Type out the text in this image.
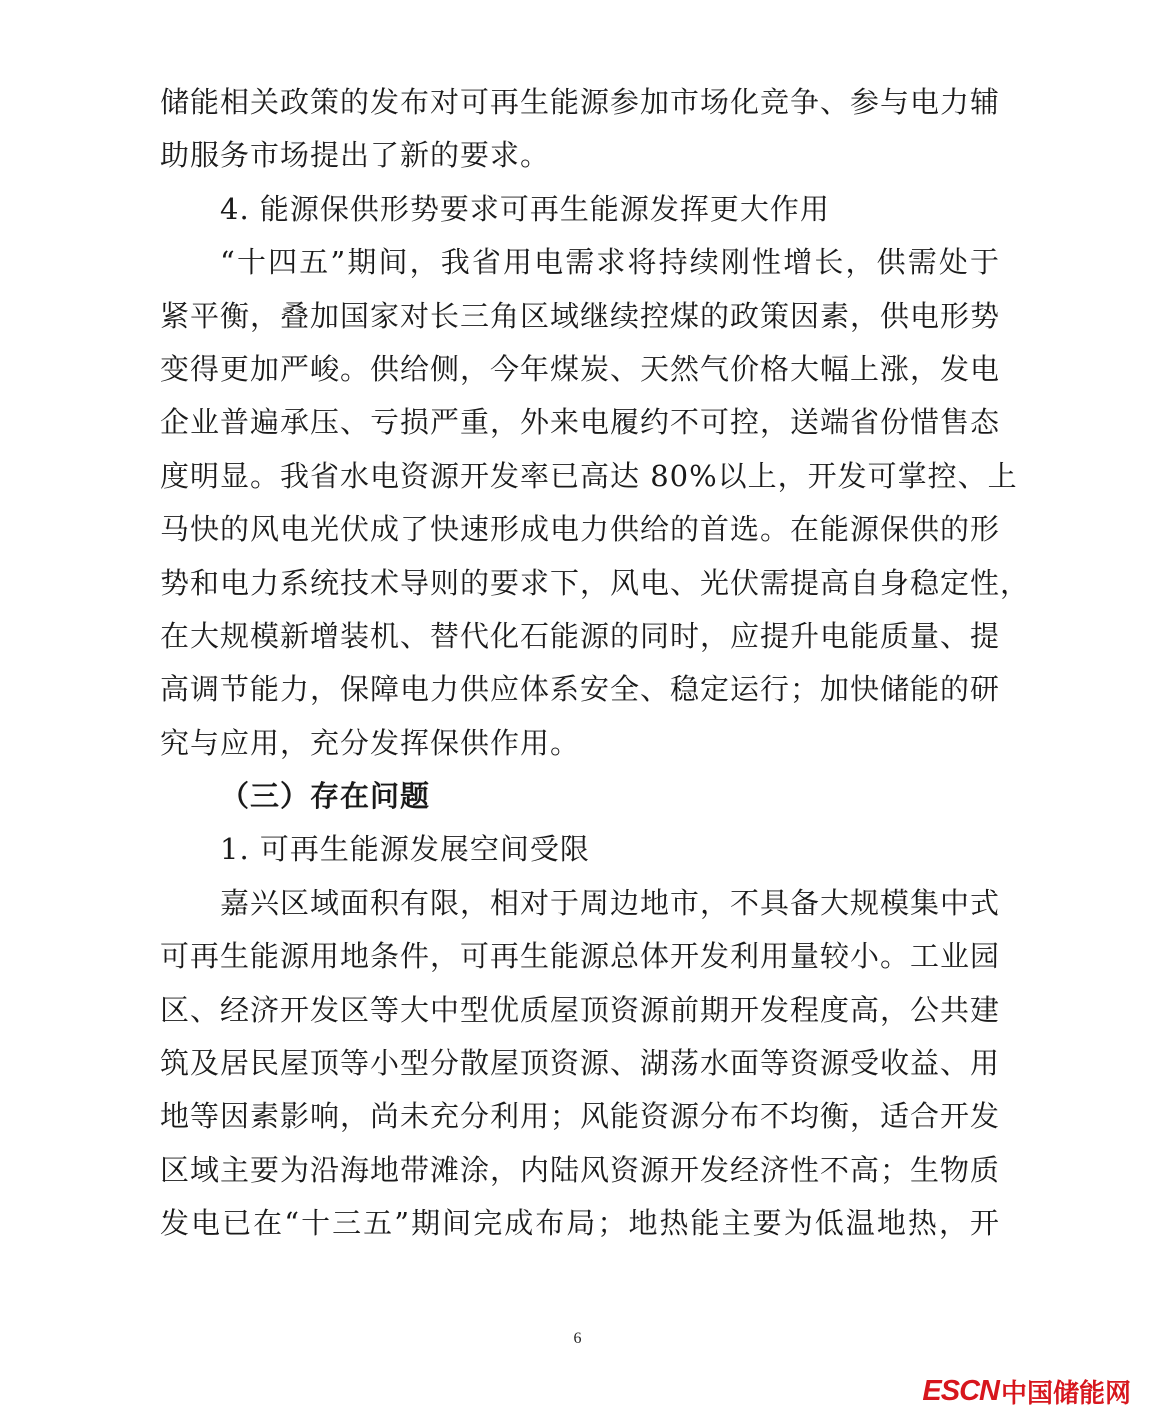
储能相关政策的发布对可再生能源参加市场化竞争、参与电力辅
助服务市场提出了新的要求。
4. 能源保供形势要求可再生能源发挥更大作用
“十四五”期间，我省用电需求将持续刚性增长，供需处于
紧平衡，叠加国家对长三角区域继续控煤的政策因素，供电形势
变得更加严峻。供给侧，今年煤炭、天然气价格大幅上涨，发电
企业普遍承压、亏损严重，外来电履约不可控，送端省份惜售态
度明显。我省水电资源开发率已高达 80%以上，开发可掌控、上
马快的风电光伏成了快速形成电力供给的首选。在能源保供的形
势和电力系统技术导则的要求下，风电、光伏需提高自身稳定性，
在大规模新增装机、替代化石能源的同时，应提升电能质量、提
高调节能力，保障电力供应体系安全、稳定运行；加快储能的研
究与应用，充分发挥保供作用。
（三）存在问题
1. 可再生能源发展空间受限
嘉兴区域面积有限，相对于周边地市，不具备大规模集中式
可再生能源用地条件，可再生能源总体开发利用量较小。工业园
区、经济开发区等大中型优质屋顶资源前期开发程度高，公共建
筑及居民屋顶等小型分散屋顶资源、湖荡水面等资源受收益、用
地等因素影响，尚未充分利用；风能资源分布不均衡，适合开发
区域主要为沿海地带滩涂，内陆风资源开发经济性不高；生物质
发电已在“十三五”期间完成布局；地热能主要为低温地热，开
6
ESCN 中国储能网
